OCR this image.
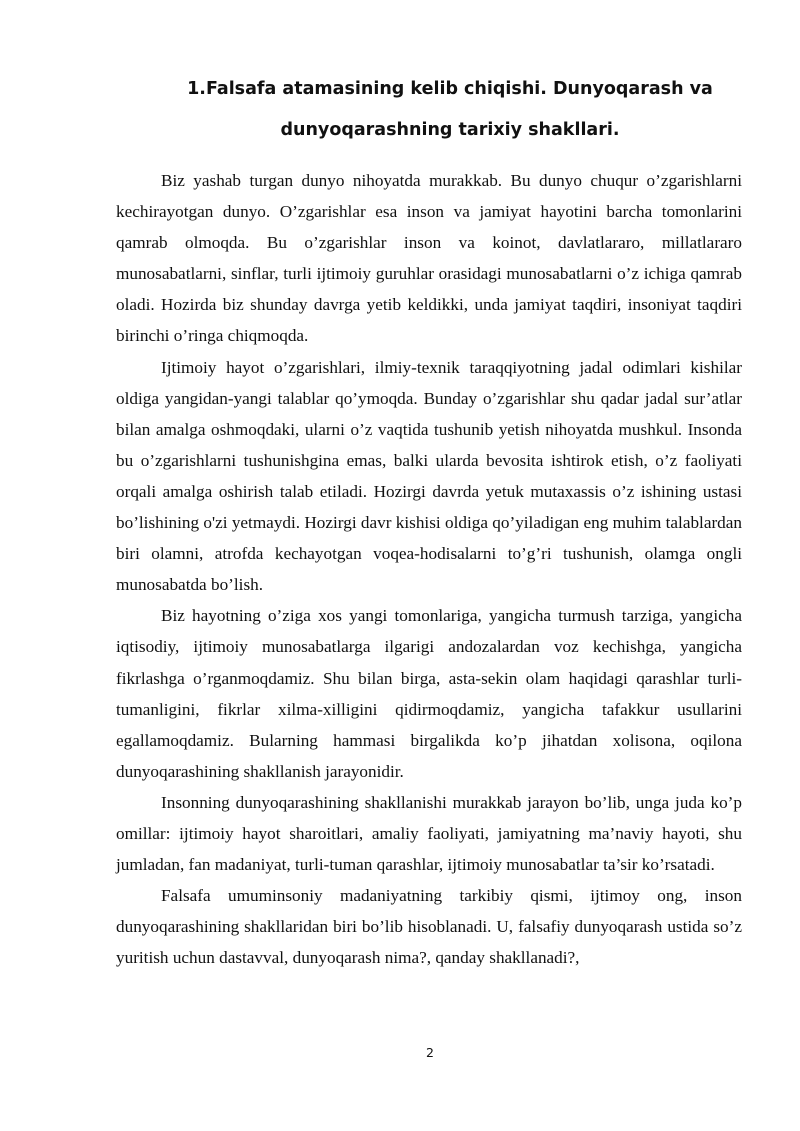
1.Falsafa atamasining kelib chiqishi. Dunyoqarash va
dunyoqarashning tarixiy shakllari.

Biz yashab turgan dunyo nihoyatda murakkab. Bu dunyo chuqur o’zgarishlarni kechirayotgan dunyo. O’zgarishlar esa inson va jamiyat hayotini barcha tomonlarini qamrab olmoqda. Bu o’zgarishlar inson va koinot, davlatlararo, millatlararo munosabatlarni, sinflar, turli ijtimoiy guruhlar orasidagi munosabatlarni o’z ichiga qamrab oladi. Hozirda biz shunday davrga yetib keldikki, unda jamiyat taqdiri, insoniyat taqdiri birinchi o’ringa chiqmoqda.

Ijtimoiy hayot o’zgarishlari, ilmiy-texnik taraqqiyotning jadal odimlari kishilar oldiga yangidan-yangi talablar qo’ymoqda. Bunday o’zgarishlar shu qadar jadal sur’atlar bilan amalga oshmoqdaki, ularni o’z vaqtida tushunib yetish nihoyatda mushkul. Insonda bu o’zgarishlarni tushunishgina emas, balki ularda bevosita ishtirok etish, o’z faoliyati orqali amalga oshirish talab etiladi. Hozirgi davrda yetuk mutaxassis o’z ishining ustasi bo’lishining o'zi yetmaydi. Hozirgi davr kishisi oldiga qo’yiladigan eng muhim talablardan biri olamni, atrofda kechayotgan voqea-hodisalarni to’g’ri tushunish, olamga ongli munosabatda bo’lish.

Biz hayotning o’ziga xos yangi tomonlariga, yangicha turmush tarziga, yangicha iqtisodiy, ijtimoiy munosabatlarga ilgarigi andozalardan voz kechishga, yangicha fikrlashga o’rganmoqdamiz. Shu bilan birga, asta-sekin olam haqidagi qarashlar turli-tumanligini, fikrlar xilma-xilligini qidirmoqdamiz, yangicha tafakkur usullarini egallamoqdamiz. Bularning hammasi birgalikda ko’p jihatdan xolisona, oqilona dunyoqarashining shakllanish jarayonidir.

Insonning dunyoqarashining shakllanishi murakkab jarayon bo’lib, unga juda ko’p omillar: ijtimoiy hayot sharoitlari, amaliy faoliyati, jamiyatning ma’naviy hayoti, shu jumladan, fan madaniyat, turli-tuman qarashlar, ijtimoiy munosabatlar ta’sir ko’rsatadi.

Falsafa umuminsoniy madaniyatning tarkibiy qismi, ijtimoy ong, inson dunyoqarashining shakllaridan biri bo’lib hisoblanadi. U, falsafiy dunyoqarash ustida so’z yuritish uchun dastavval, dunyoqarash nima?, qanday shakllanadi?,

2
